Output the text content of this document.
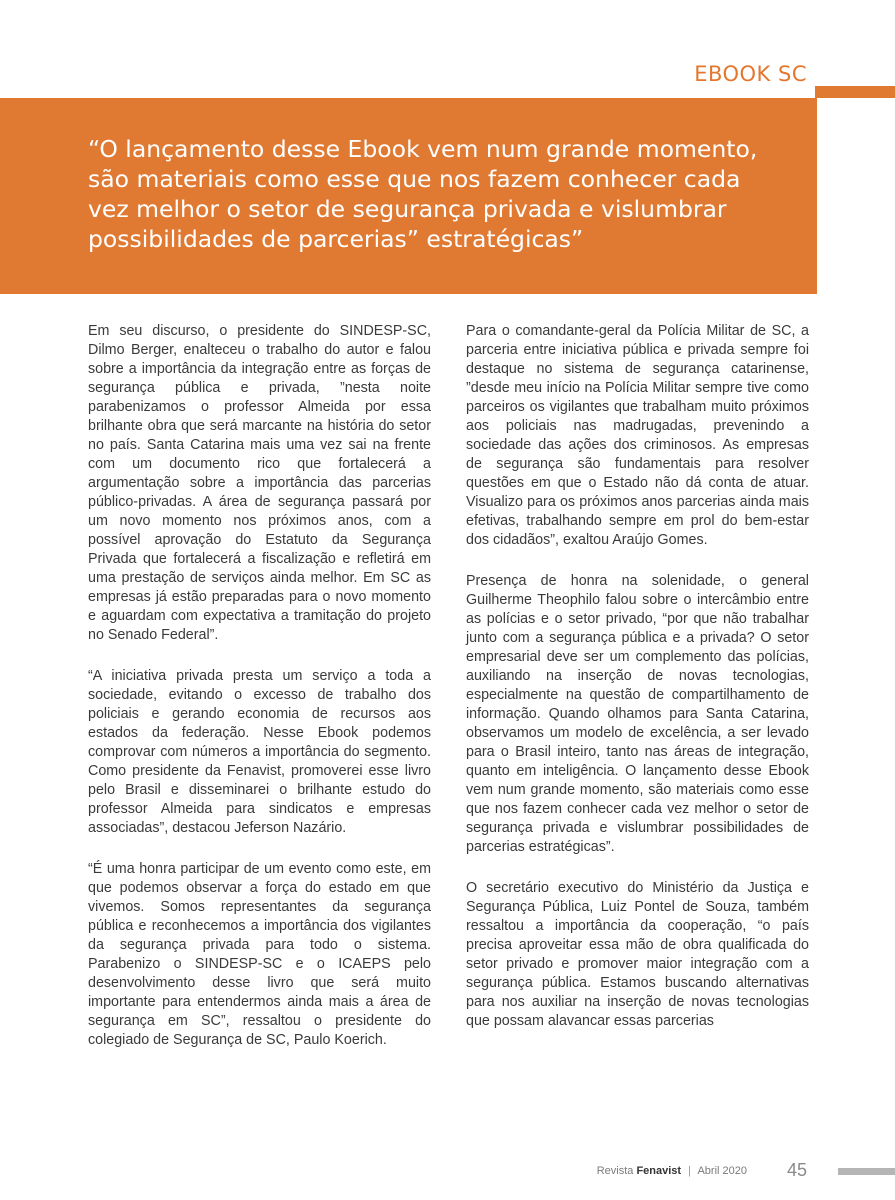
EBOOK SC
“O lançamento desse Ebook vem num grande momento, são materiais como esse que nos fazem conhecer cada vez melhor o setor de segurança privada e vislumbrar possibilidades de parcerias” estratégicas”

Em seu discurso, o presidente do SINDESP-SC, Dilmo Berger, enalteceu o trabalho do autor e falou sobre a importância da integração entre as forças de segurança pública e privada, ”nesta noite parabenizamos o professor Almeida por essa brilhante obra que será marcante na história do setor no país. Santa Catarina mais uma vez sai na frente com um documento rico que fortalecerá a argumentação sobre a importância das parcerias público-privadas. A área de segurança passará por um novo momento nos próximos anos, com a possível aprovação do Estatuto da Segurança Privada que fortalecerá a fiscalização e refletirá em uma prestação de serviços ainda melhor. Em SC as empresas já estão preparadas para o novo momento e aguardam com expectativa a tramitação do projeto no Senado Federal”.

“A iniciativa privada presta um serviço a toda a sociedade, evitando o excesso de trabalho dos policiais e gerando economia de recursos aos estados da federação. Nesse Ebook podemos comprovar com números a importância do segmento. Como presidente da Fenavist, promoverei esse livro pelo Brasil e disseminarei o brilhante estudo do professor Almeida para sindicatos e empresas associadas”, destacou Jeferson Nazário.

“É uma honra participar de um evento como este, em que podemos observar a força do estado em que vivemos. Somos representantes da segurança pública e reconhecemos a importância dos vigilantes da segurança privada para todo o sistema. Parabenizo o SINDESP-SC e o ICAEPS pelo desenvolvimento desse livro que será muito importante para entendermos ainda mais a área de segurança em SC”, ressaltou o presidente do colegiado de Segurança de SC, Paulo Koerich.

Para o comandante-geral da Polícia Militar de SC, a parceria entre iniciativa pública e privada sempre foi destaque no sistema de segurança catarinense, ”desde meu início na Polícia Militar sempre tive como parceiros os vigilantes que trabalham muito próximos aos policiais nas madrugadas, prevenindo a sociedade das ações dos criminosos. As empresas de segurança são fundamentais para resolver questões em que o Estado não dá conta de atuar. Visualizo para os próximos anos parcerias ainda mais efetivas, trabalhando sempre em prol do bem-estar dos cidadãos”, exaltou Araújo Gomes.

Presença de honra na solenidade, o general Guilherme Theophilo falou sobre o intercâmbio entre as polícias e o setor privado, “por que não trabalhar junto com a segurança pública e a privada? O setor empresarial deve ser um complemento das polícias, auxiliando na inserção de novas tecnologias, especialmente na questão de compartilhamento de informação. Quando olhamos para Santa Catarina, observamos um modelo de excelência, a ser levado para o Brasil inteiro, tanto nas áreas de integração, quanto em inteligência. O lançamento desse Ebook vem num grande momento, são materiais como esse que nos fazem conhecer cada vez melhor o setor de segurança privada e vislumbrar possibilidades de parcerias estratégicas”.

O secretário executivo do Ministério da Justiça e Segurança Pública, Luiz Pontel de Souza, também ressaltou a importância da cooperação, “o país precisa aproveitar essa mão de obra qualificada do setor privado e promover maior integração com a segurança pública. Estamos buscando alternativas para nos auxiliar na inserção de novas tecnologias que possam alavancar essas parcerias

Revista Fenavist | Abril 2020 45
